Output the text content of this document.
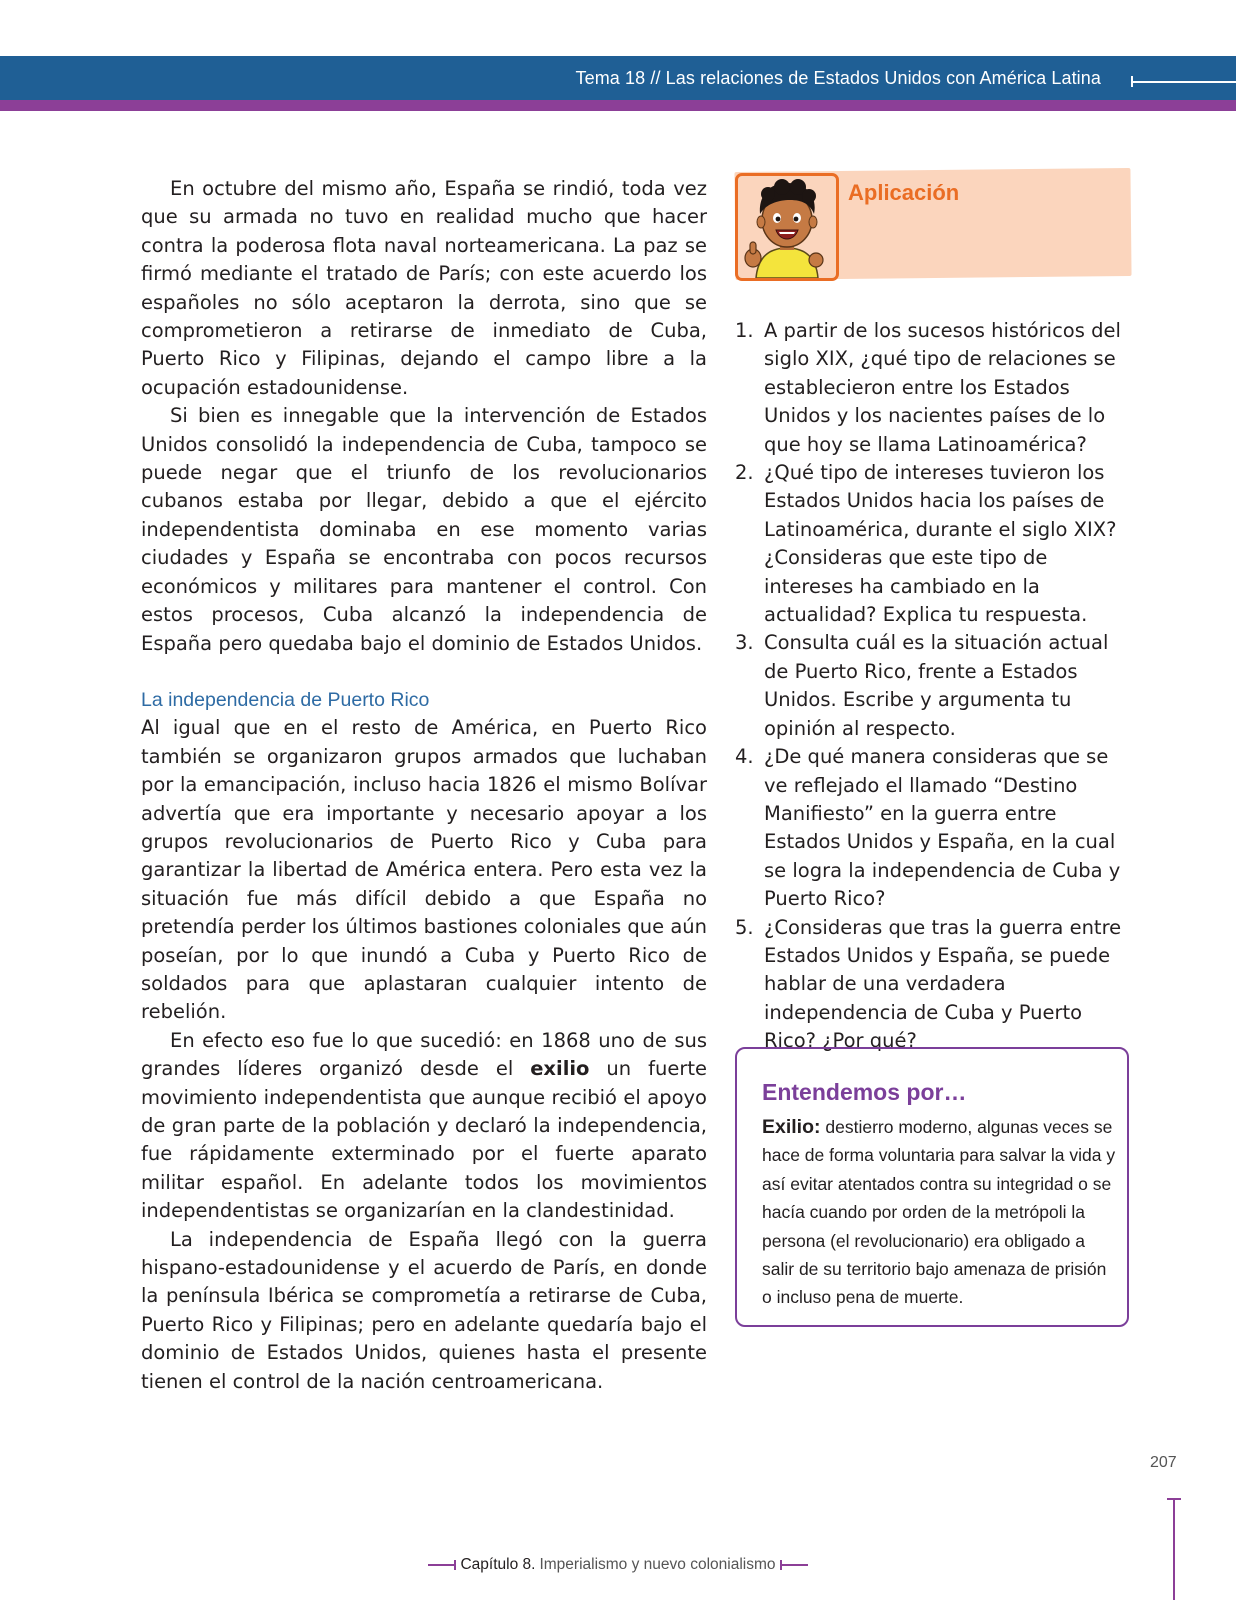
Tema 18 // Las relaciones de Estados Unidos con América Latina

En octubre del mismo año, España se rindió, toda vez que su armada no tuvo en realidad mucho que hacer contra la poderosa flota naval norteamericana. La paz se firmó mediante el tratado de París; con este acuerdo los españoles no sólo aceptaron la derrota, sino que se comprometieron a retirarse de inmediato de Cuba, Puerto Rico y Filipinas, dejando el campo libre a la ocupación estadounidense.

Si bien es innegable que la intervención de Estados Unidos consolidó la independencia de Cuba, tampoco se puede negar que el triunfo de los revolucionarios cubanos estaba por llegar, debido a que el ejército independentista dominaba en ese momento varias ciudades y España se encontraba con pocos recursos económicos y militares para mantener el control. Con estos procesos, Cuba alcanzó la independencia de España pero quedaba bajo el dominio de Estados Unidos.

La independencia de Puerto Rico

Al igual que en el resto de América, en Puerto Rico también se organizaron grupos armados que luchaban por la emancipación, incluso hacia 1826 el mismo Bolívar advertía que era importante y necesario apoyar a los grupos revolucionarios de Puerto Rico y Cuba para garantizar la libertad de América entera. Pero esta vez la situación fue más difícil debido a que España no pretendía perder los últimos bastiones coloniales que aún poseían, por lo que inundó a Cuba y Puerto Rico de soldados para que aplastaran cualquier intento de rebelión.

En efecto eso fue lo que sucedió: en 1868 uno de sus grandes líderes organizó desde el exilio un fuerte movimiento independentista que aunque recibió el apoyo de gran parte de la población y declaró la independencia, fue rápidamente exterminado por el fuerte aparato militar español. En adelante todos los movimientos independentistas se organizarían en la clandestinidad.

La independencia de España llegó con la guerra hispano-estadounidense y el acuerdo de París, en donde la península Ibérica se comprometía a retirarse de Cuba, Puerto Rico y Filipinas; pero en adelante quedaría bajo el dominio de Estados Unidos, quienes hasta el presente tienen el control de la nación centroamericana.

Aplicación
1. A partir de los sucesos históricos del siglo XIX, ¿qué tipo de relaciones se establecieron entre los Estados Unidos y los nacientes países de lo que hoy se llama Latinoamérica?
2. ¿Qué tipo de intereses tuvieron los Estados Unidos hacia los países de Latinoamérica, durante el siglo XIX? ¿Consideras que este tipo de intereses ha cambiado en la actualidad? Explica tu respuesta.
3. Consulta cuál es la situación actual de Puerto Rico, frente a Estados Unidos. Escribe y argumenta tu opinión al respecto.
4. ¿De qué manera consideras que se ve reflejado el llamado “Destino Manifiesto” en la guerra entre Estados Unidos y España, en la cual se logra la independencia de Cuba y Puerto Rico?
5. ¿Consideras que tras la guerra entre Estados Unidos y España, se puede hablar de una verdadera independencia de Cuba y Puerto Rico? ¿Por qué?
Entendemos por…
Exilio: destierro moderno, algunas veces se hace de forma voluntaria para salvar la vida y así evitar atentados contra su integridad o se hacía cuando por orden de la metrópoli la persona (el revolucionario) era obligado a salir de su territorio bajo amenaza de prisión o incluso pena de muerte.
207
Capítulo 8. Imperialismo y nuevo colonialismo
